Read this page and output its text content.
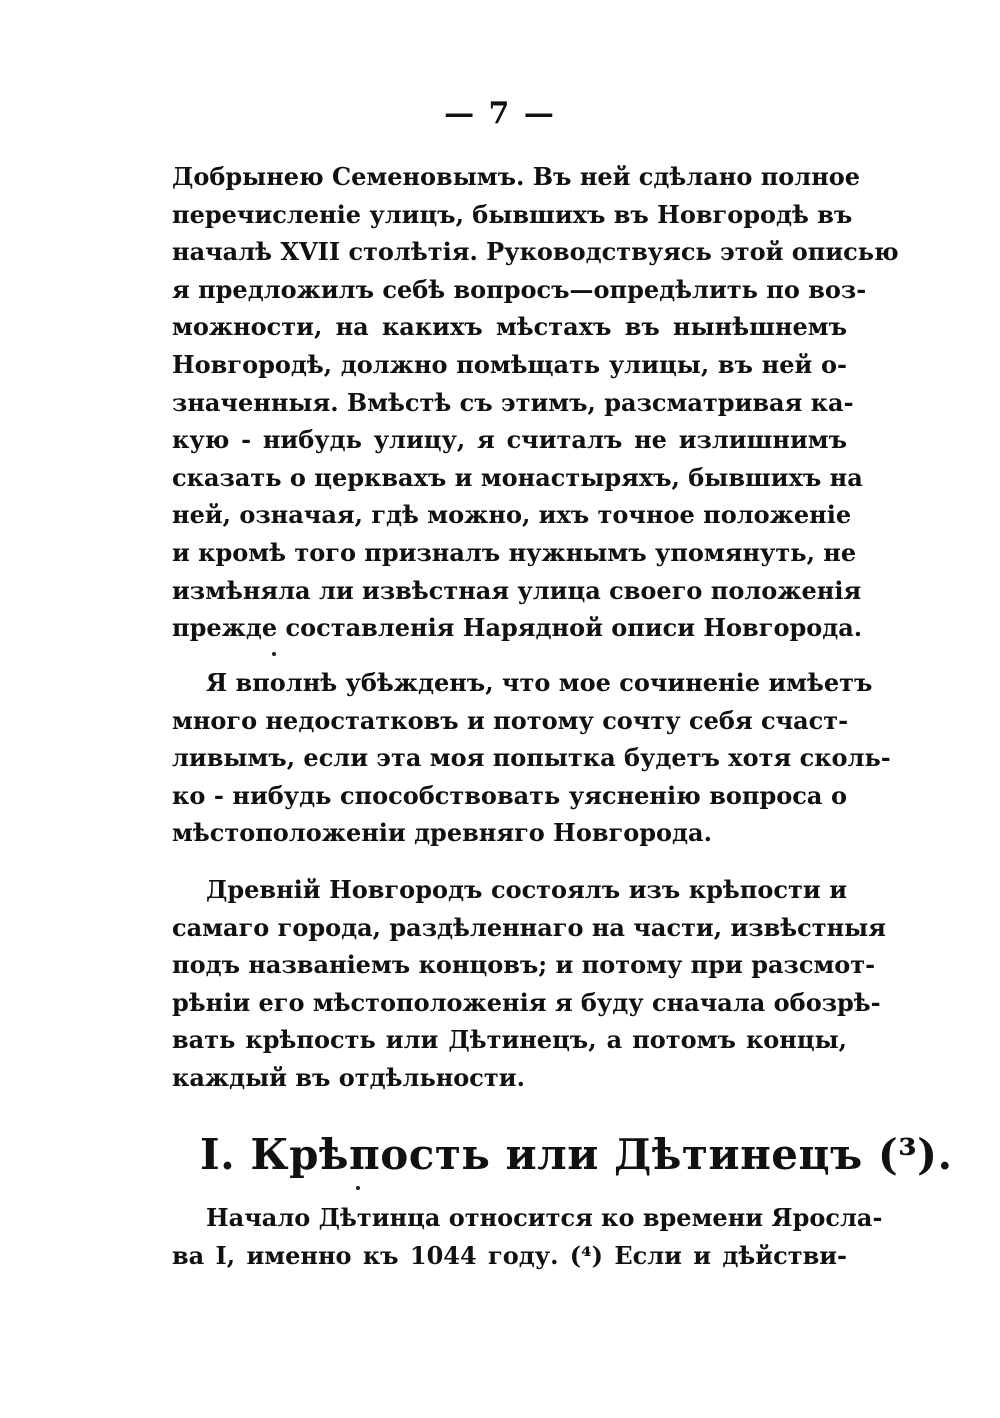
— 7 —
Добрынею Семеновымъ. Въ ней сдѣлано полное
перечисленіе улицъ, бывшихъ въ Новгородѣ въ
началѣ XVII столѣтія. Руководствуясь этой описью
я предложилъ себѣ вопросъ—опредѣлить по воз-
можности, на какихъ мѣстахъ въ нынѣшнемъ
Новгородѣ, должно помѣщать улицы, въ ней о-
значенныя. Вмѣстѣ съ этимъ, разсматривая ка-
кую - нибудь улицу, я считалъ не излишнимъ
сказать о церквахъ и монастыряхъ, бывшихъ на
ней, означая, гдѣ можно, ихъ точное положеніе
и кромѣ того призналъ нужнымъ упомянуть, не
измѣняла ли извѣстная улица своего положенія
прежде составленія Нарядной описи Новгорода.
Я вполнѣ убѣжденъ, что мое сочиненіе имѣетъ
много недостатковъ и потому сочту себя счаст-
ливымъ, если эта моя попытка будетъ хотя сколь-
ко - нибудь способствовать уясненію вопроса о
мѣстоположеніи древняго Новгорода.
Древній Новгородъ состоялъ изъ крѣпости и
самаго города, раздѣленнаго на части, извѣстныя
подъ названіемъ концовъ; и потому при разсмот-
рѣніи его мѣстоположенія я буду сначала обозрѣ-
вать крѣпость или Дѣтинецъ, а потомъ концы,
каждый въ отдѣльности.
I. Крѣпость или Дѣтинецъ (³).
Начало Дѣтинца относится ко времени Яросла-
ва I, именно къ 1044 году. (⁴) Если и дѣйстви-
